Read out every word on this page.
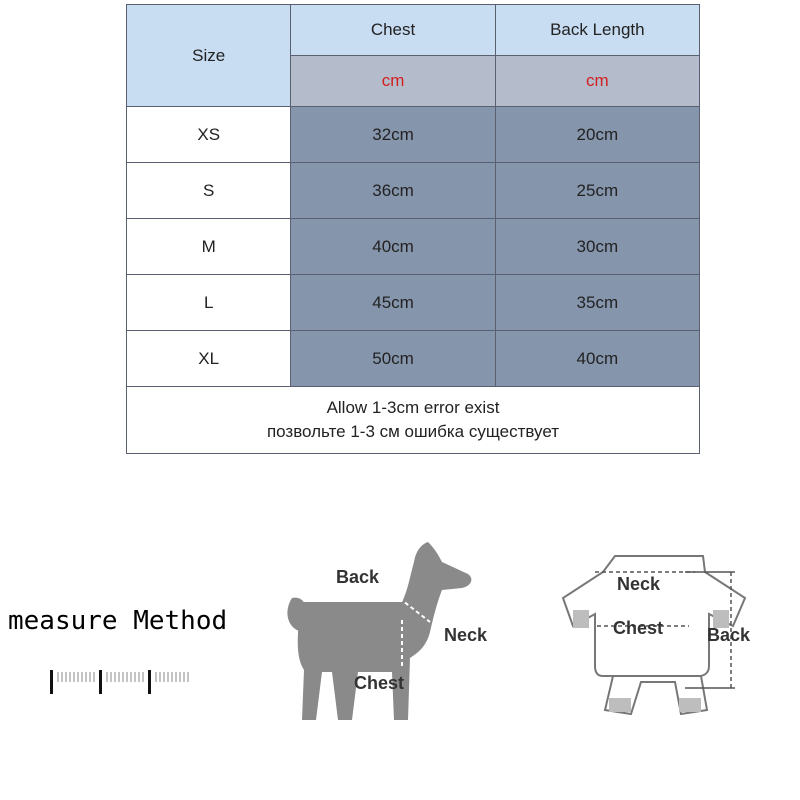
Size	Chest	Back Length
	cm	cm
XS	32cm	20cm
S	36cm	25cm
M	40cm	30cm
L	45cm	35cm
XL	50cm	40cm

Allow 1-3cm error exist
позвольте 1-3 см ошибка существует		
measure Method
Back
Neck
Chest
Neck
Chest Back
